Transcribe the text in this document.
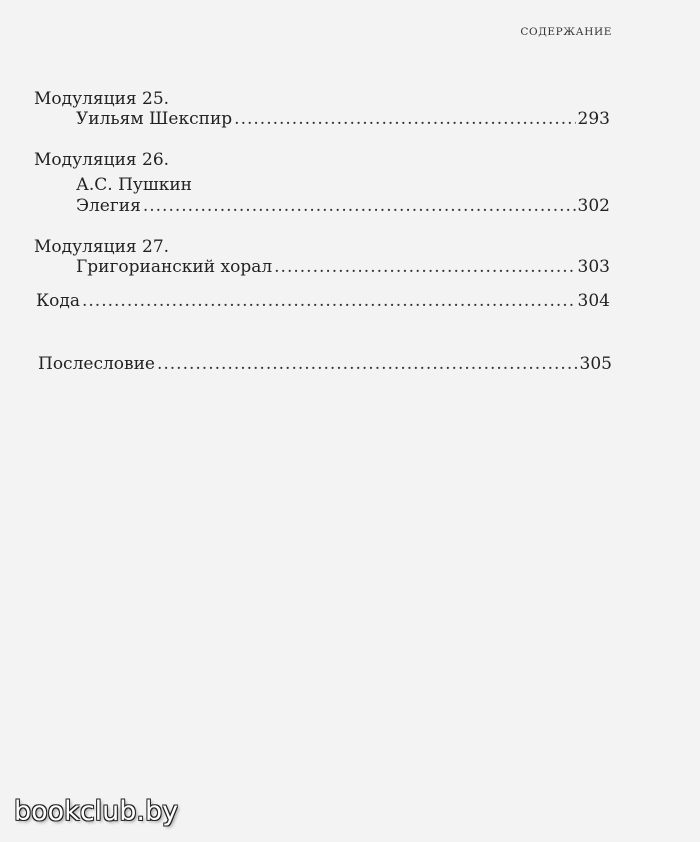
СОДЕРЖАНИЕ
Модуляция 25.
Уильям Шекспир .....	293
Модуляция 26.
А.С. Пушкин
Элегия .....	302
Модуляция 27.
Григорианский хорал .....	303
Кода .....	304
Послесловие .....	305
bookclub.by
